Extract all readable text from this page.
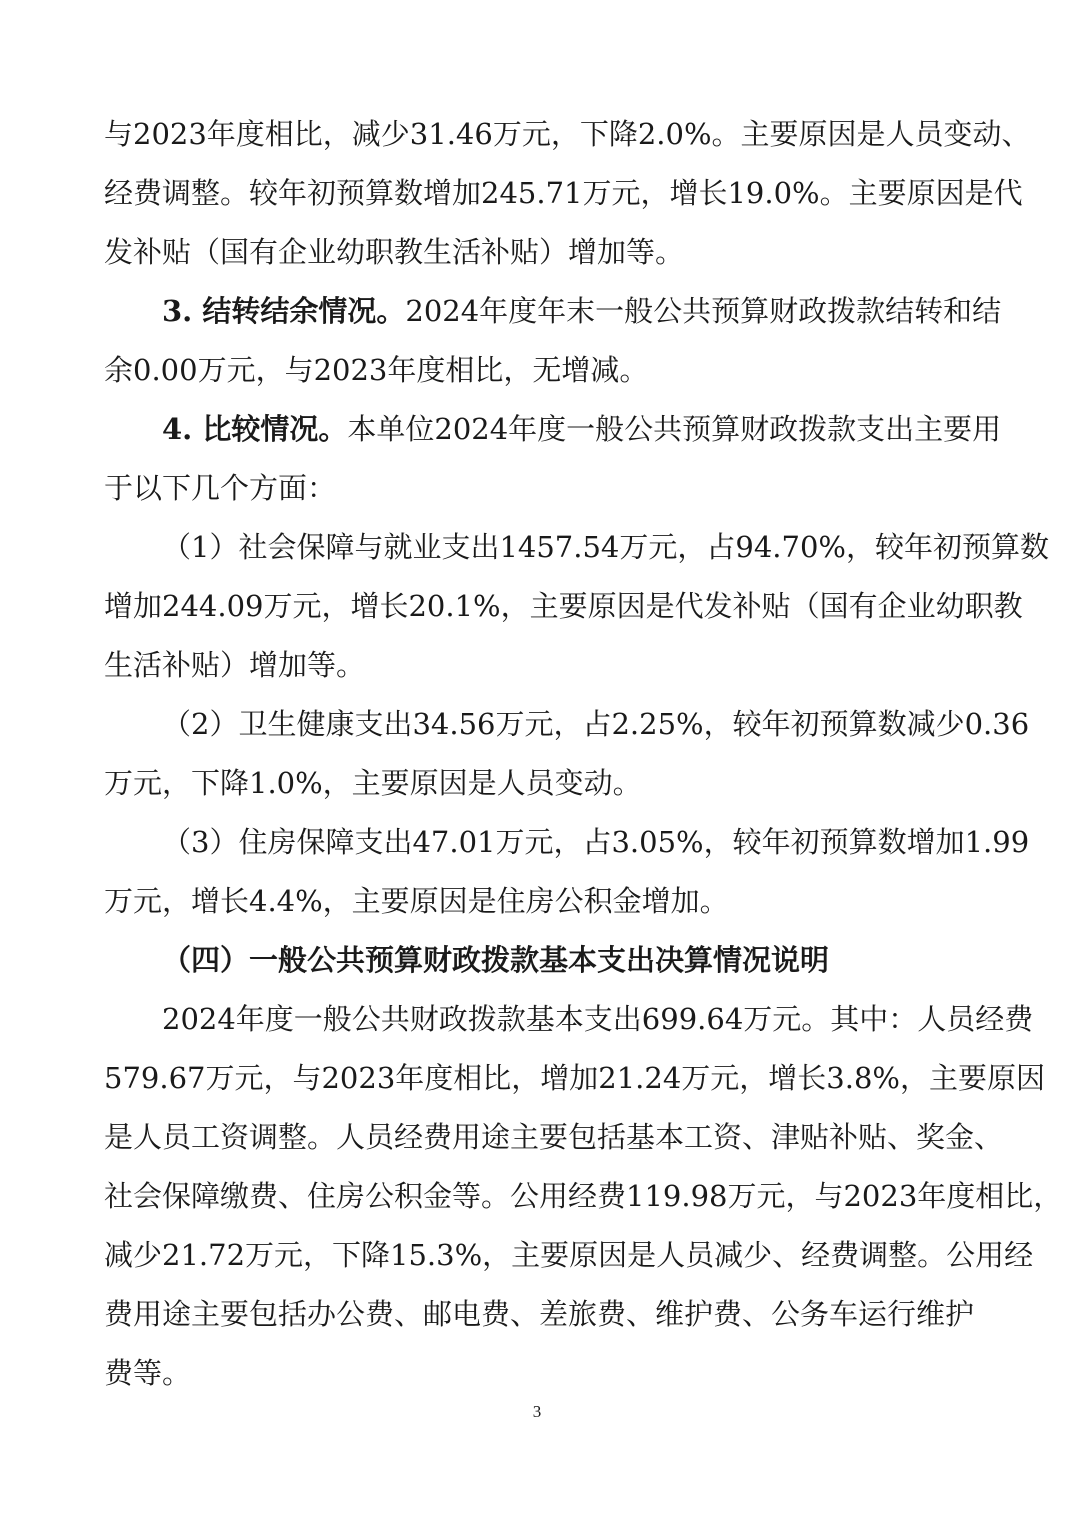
与2023年度相比，减少31.46万元，下降2.0%。主要原因是人员变动、
经费调整。较年初预算数增加245.71万元，增长19.0%。主要原因是代
发补贴（国有企业幼职教生活补贴）增加等。
3. 结转结余情况。2024年度年末一般公共预算财政拨款结转和结
余0.00万元，与2023年度相比，无增减。
4. 比较情况。本单位2024年度一般公共预算财政拨款支出主要用
于以下几个方面：
（1）社会保障与就业支出1457.54万元，占94.70%，较年初预算数
增加244.09万元，增长20.1%，主要原因是代发补贴（国有企业幼职教
生活补贴）增加等。
（2）卫生健康支出34.56万元，占2.25%，较年初预算数减少0.36
万元，下降1.0%，主要原因是人员变动。
（3）住房保障支出47.01万元，占3.05%，较年初预算数增加1.99
万元，增长4.4%，主要原因是住房公积金增加。
（四）一般公共预算财政拨款基本支出决算情况说明
2024年度一般公共财政拨款基本支出699.64万元。其中：人员经费
579.67万元，与2023年度相比，增加21.24万元，增长3.8%，主要原因
是人员工资调整。人员经费用途主要包括基本工资、津贴补贴、奖金、
社会保障缴费、住房公积金等。公用经费119.98万元，与2023年度相比，
减少21.72万元，下降15.3%，主要原因是人员减少、经费调整。公用经
费用途主要包括办公费、邮电费、差旅费、维护费、公务车运行维护
费等。
3
